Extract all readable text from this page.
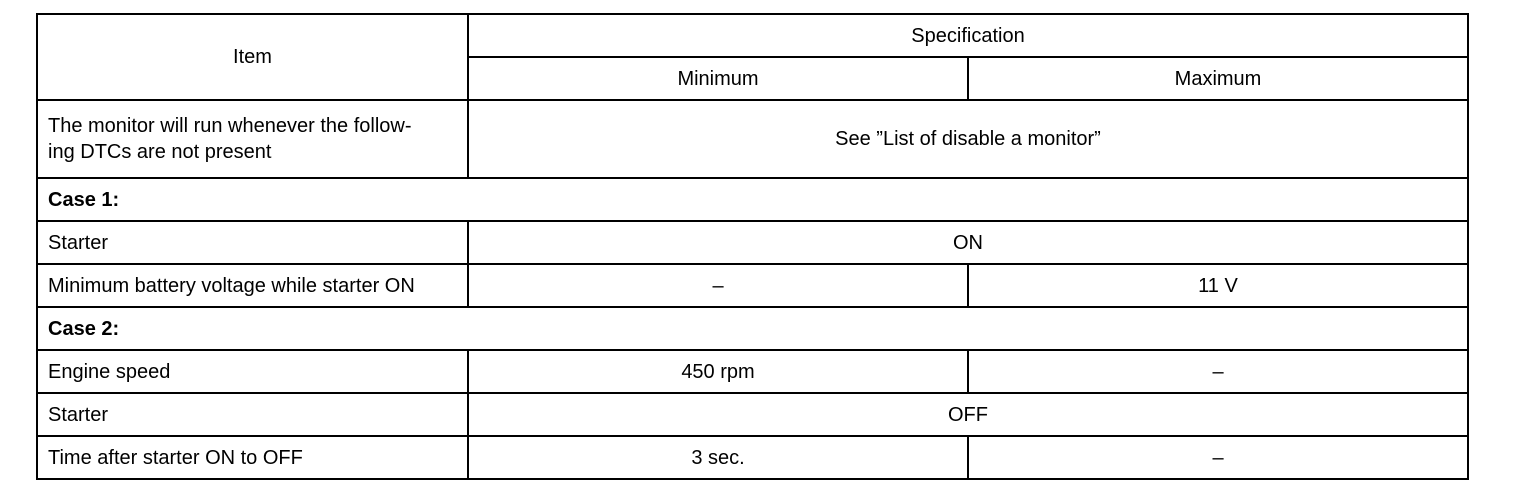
Item	Specification	
	Minimum	Maximum
The monitor will run whenever the follow-
ing DTCs are not present	See ”List of disable a monitor”	
Case 1:		
Starter	ON	
Minimum battery voltage while starter ON	–	11 V
Case 2:		
Engine speed	450 rpm	–
Starter	OFF	
Time after starter ON to OFF	3 sec.	–
